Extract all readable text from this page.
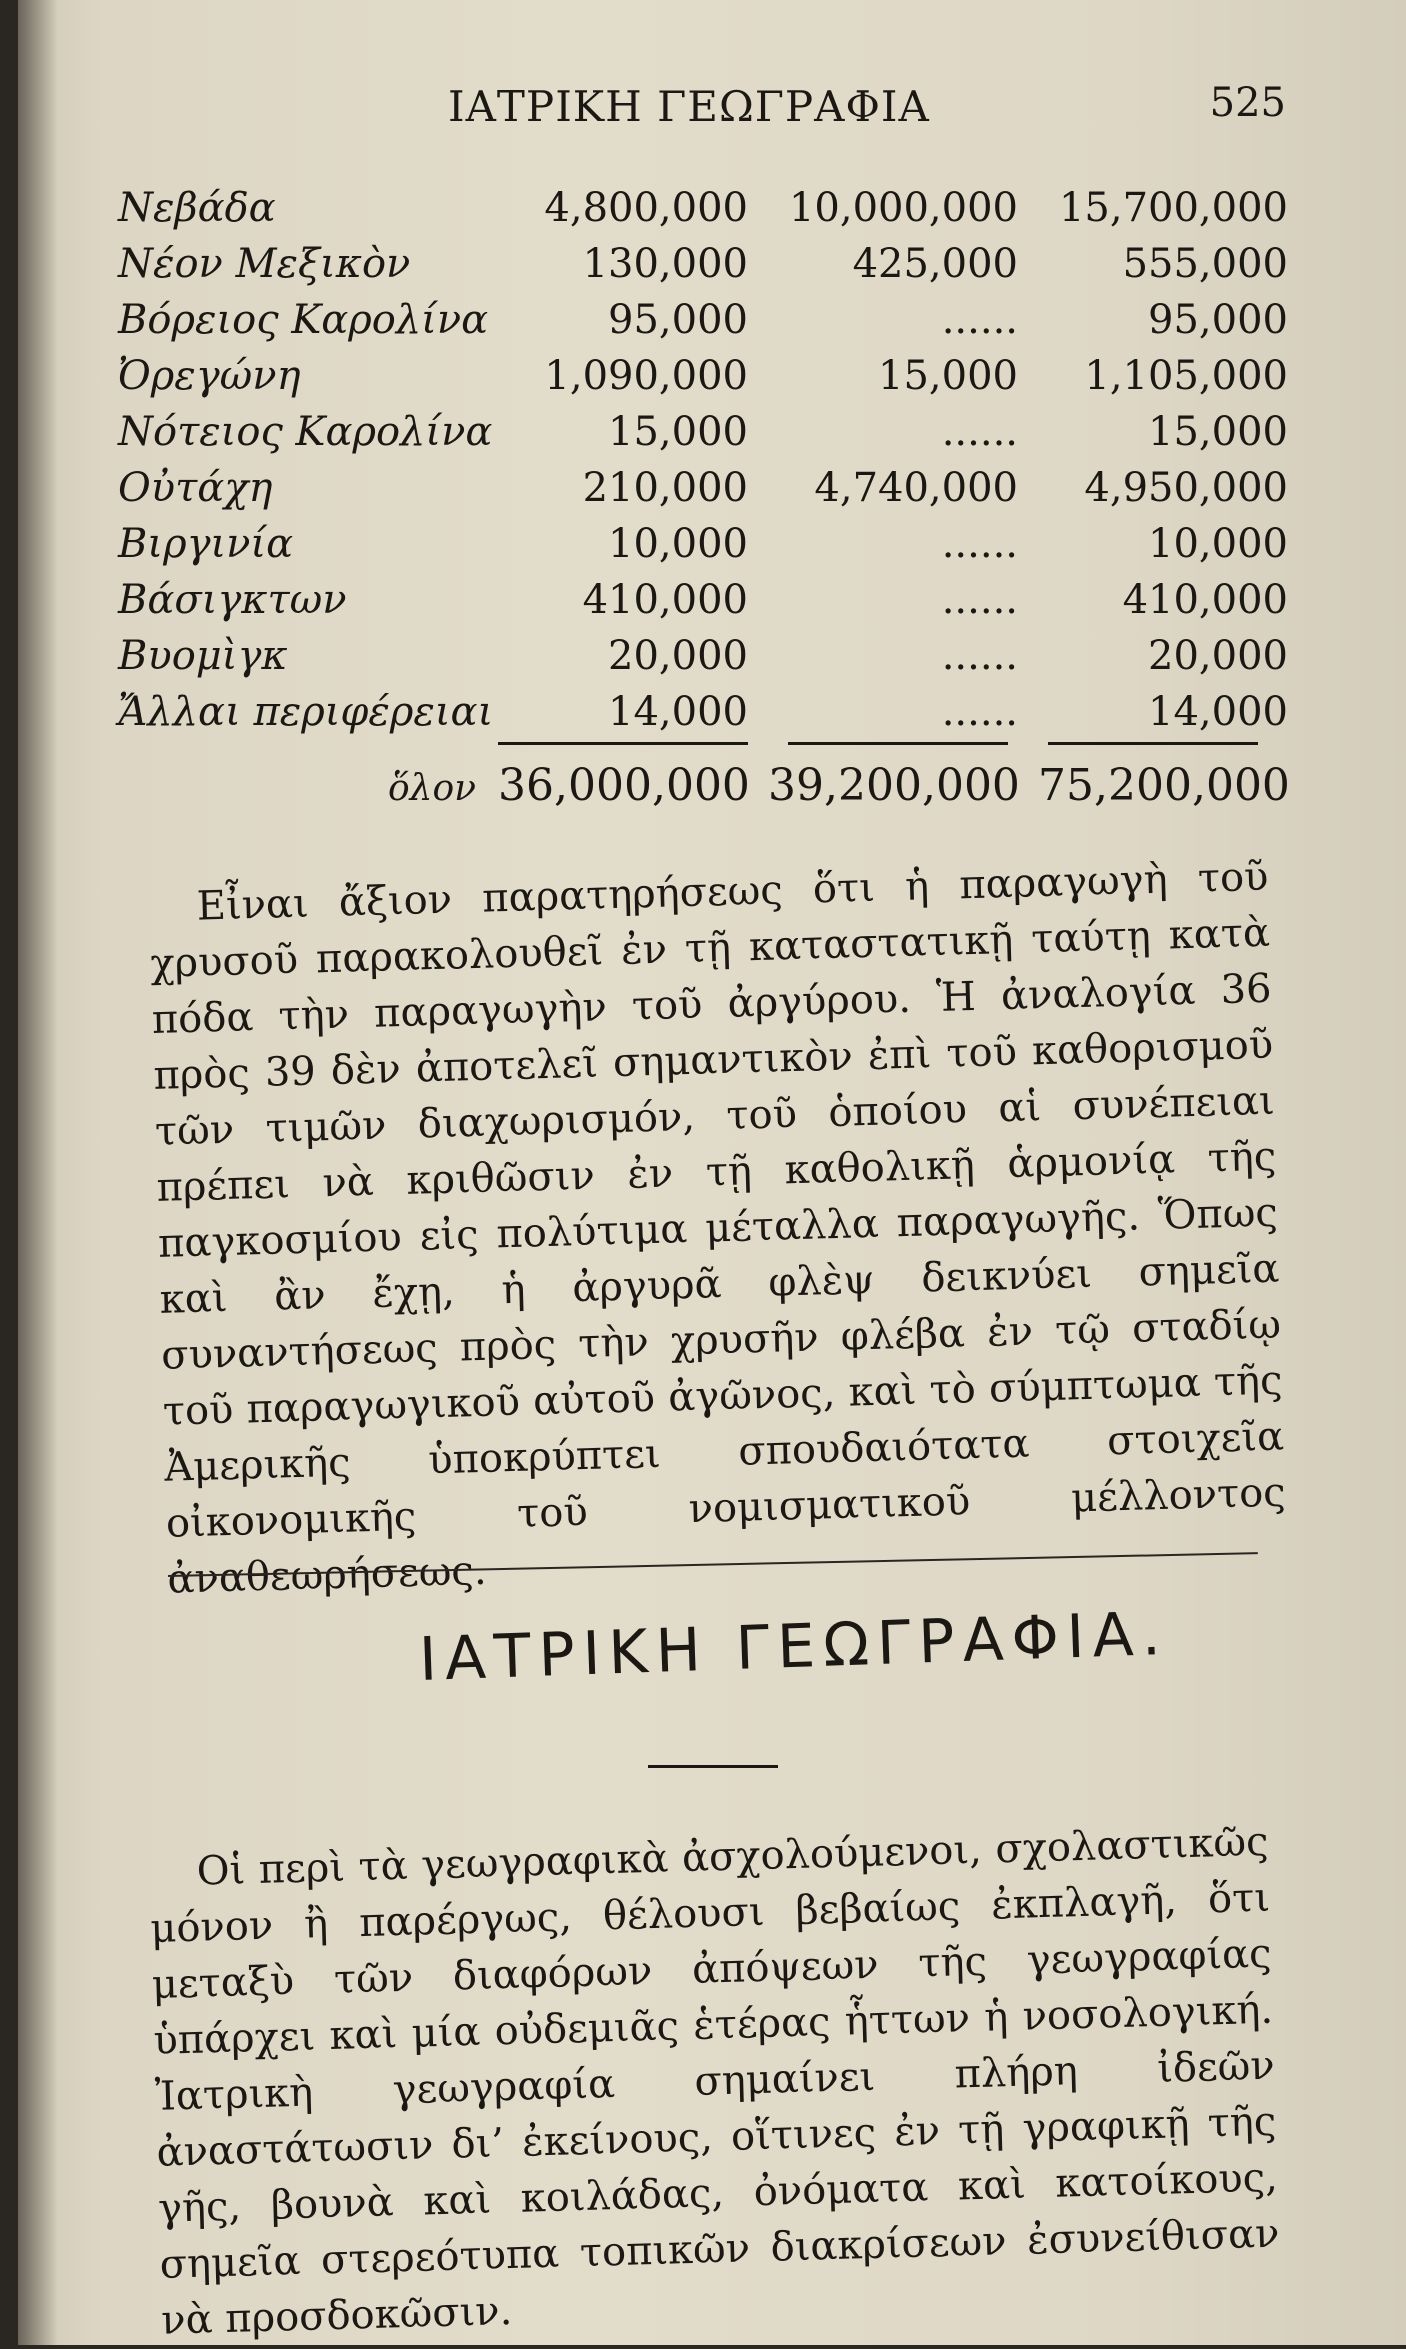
ΙΑΤΡΙΚΗ ΓΕΩΓΡΑΦΙΑ	525
Νεβάδα	4,800,000		10,000,000		15,700,000
Νέον Μεξικὸν	130,000		425,000		555,000
Βόρειος Καρολίνα	95,000		......		95,000
Ὀρεγώνη	1,090,000		15,000		1,105,000
Νότειος Καρολίνα	15,000		......		15,000
Οὐτάχη	210,000		4,740,000		4,950,000
Βιργινία	10,000		......		10,000
Βάσιγκτων	410,000		......		410,000
Βυομὶγκ	20,000		......		20,000
Ἄλλαι περιφέρειαι	14,000		......		14,000
ὅλον 36,000,000 39,200,000 75,200,000

Εἶναι ἄξιον παρατηρήσεως ὅτι ἡ παραγωγὴ τοῦ χρυσοῦ παρακολουθεῖ ἐν τῇ καταστατικῇ ταύτῃ κατὰ πόδα τὴν παραγωγὴν τοῦ ἀργύρου. Ἡ ἀναλογία 36 πρὸς 39 δὲν ἀποτελεῖ σημαντικὸν ἐπὶ τοῦ καθορισμοῦ τῶν τιμῶν διαχωρισμόν, τοῦ ὁποίου αἱ συνέπειαι πρέπει νὰ κριθῶσιν ἐν τῇ καθολικῇ ἁρμονίᾳ τῆς παγκοσμίου εἰς πολύτιμα μέταλλα παραγωγῆς. Ὅπως καὶ ἂν ἔχῃ, ἡ ἀργυρᾶ φλὲψ δεικνύει σημεῖα συναντήσεως πρὸς τὴν χρυσῆν φλέβα ἐν τῷ σταδίῳ τοῦ παραγωγικοῦ αὐτοῦ ἀγῶνος, καὶ τὸ σύμπτωμα τῆς Ἀμερικῆς ὑποκρύπτει σπουδαιότατα στοιχεῖα οἰκονομικῆς τοῦ νομισματικοῦ μέλλοντος ἀναθεωρήσεως.

ΙΑΤΡΙΚΗ ΓΕΩΓΡΑΦΙΑ.

Οἱ περὶ τὰ γεωγραφικὰ ἀσχολούμενοι, σχολαστικῶς μόνον ἢ παρέργως, θέλουσι βεβαίως ἐκπλαγῆ, ὅτι μεταξὺ τῶν διαφόρων ἀπόψεων τῆς γεωγραφίας ὑπάρχει καὶ μία οὐδεμιᾶς ἑτέρας ἧττων ἡ νοσολογική. Ἰατρικὴ γεωγραφία σημαίνει πλήρη ἰδεῶν ἀναστάτωσιν δι’ ἐκείνους, οἵτινες ἐν τῇ γραφικῇ τῆς γῆς, βουνὰ καὶ κοιλάδας, ὀνόματα καὶ κατοίκους, σημεῖα στερεότυπα τοπικῶν διακρίσεων ἐσυνείθισαν νὰ προσδοκῶσιν.
